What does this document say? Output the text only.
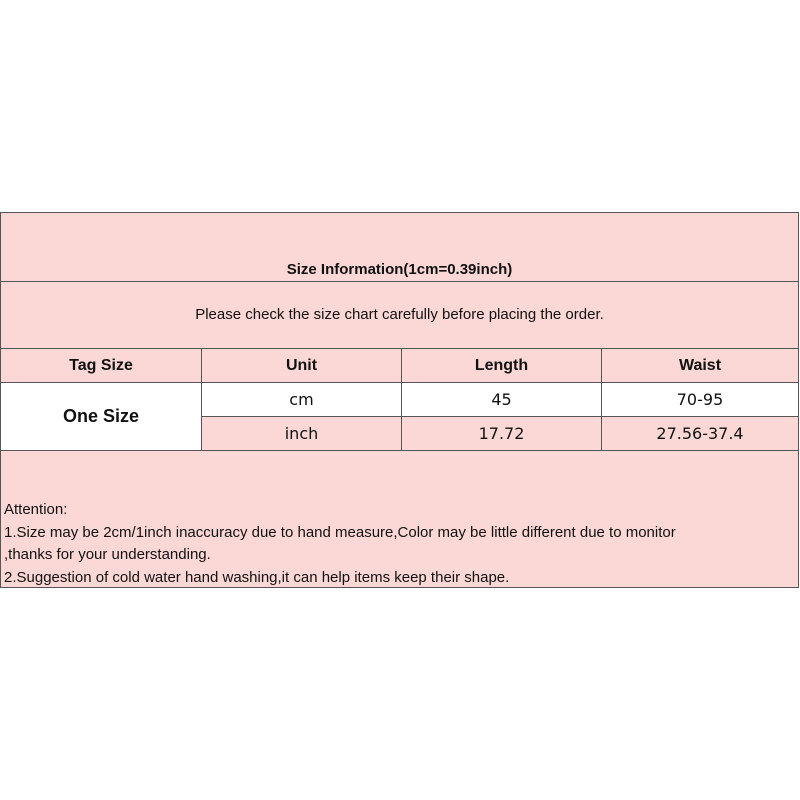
Size Information(1cm=0.39inch)
Please check the size chart carefully before placing the order.
Tag Size	Unit	Length	Waist
One Size
cm	45	70-95
inch	17.72	27.56-37.4
Attention:
1.Size may be 2cm/1inch inaccuracy due to hand measure,Color may be little different due to monitor
,thanks for your understanding.
2.Suggestion of cold water hand washing,it can help items keep their shape.
